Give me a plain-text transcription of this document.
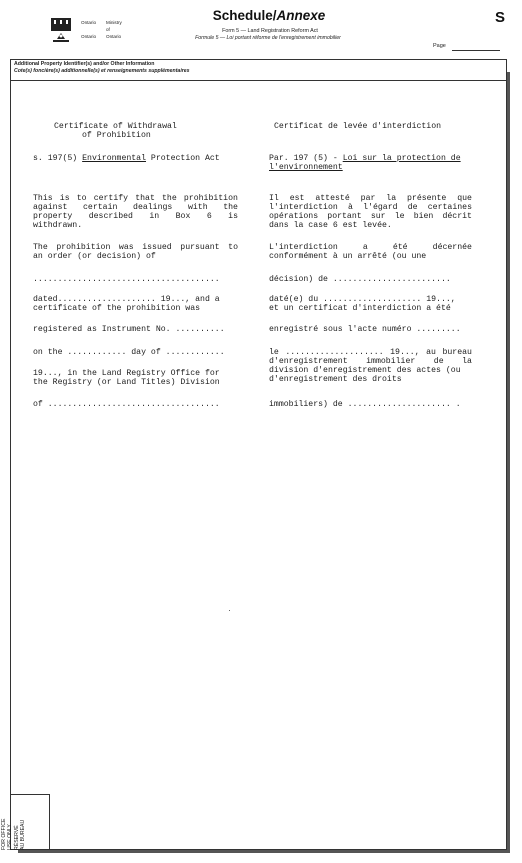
Ontario Ministry
of
Ontario Ontario
Schedule/Annexe
Form 5 — Land Registration Reform Act
Formule 5 — Loi portant réforme de l'enregistrement immobilier
S
Page
Additional Property Identifier(s) and/or Other Information
Cote(s) foncière(s) additionnelle(s) et renseignements supplémentaires
Certificate of Withdrawal
of Prohibition
s. 197(5) Environmental Protection Act
This is to certify that the prohibition
against certain dealings with the
property described in Box 6 is
withdrawn.
The prohibition was issued pursuant to
an order (or decision) of
......................................
dated.................... 19..., and a
certificate of the prohibition was
registered as Instrument No. ..........
on the ............ day of ............
19..., in the Land Registry Office for
the Registry (or Land Titles) Division
of ...................................
Certificat de levée d'interdiction
Par. 197 (5) - Loi sur la protection de
l'environnement
Il est attesté par la présente que
l'interdiction à l'égard de certaines
opérations portant sur le bien décrit
dans la case 6 est levée.
L'interdiction	a	été	décernée
conformément à un arrêté (ou une
décision) de ........................
daté(e) du .................... 19...,
et un certificat d'interdiction a été
enregistré sous l'acte numéro .........
le .................... 19..., au bureau
d'enregistrement immobilier de la
division d'enregistrement des actes (ou
d'enregistrement des droits
immobiliers) de ..................... .
FOR OFFICE USE ONLY RÉSERVÉ AU BUREAU
